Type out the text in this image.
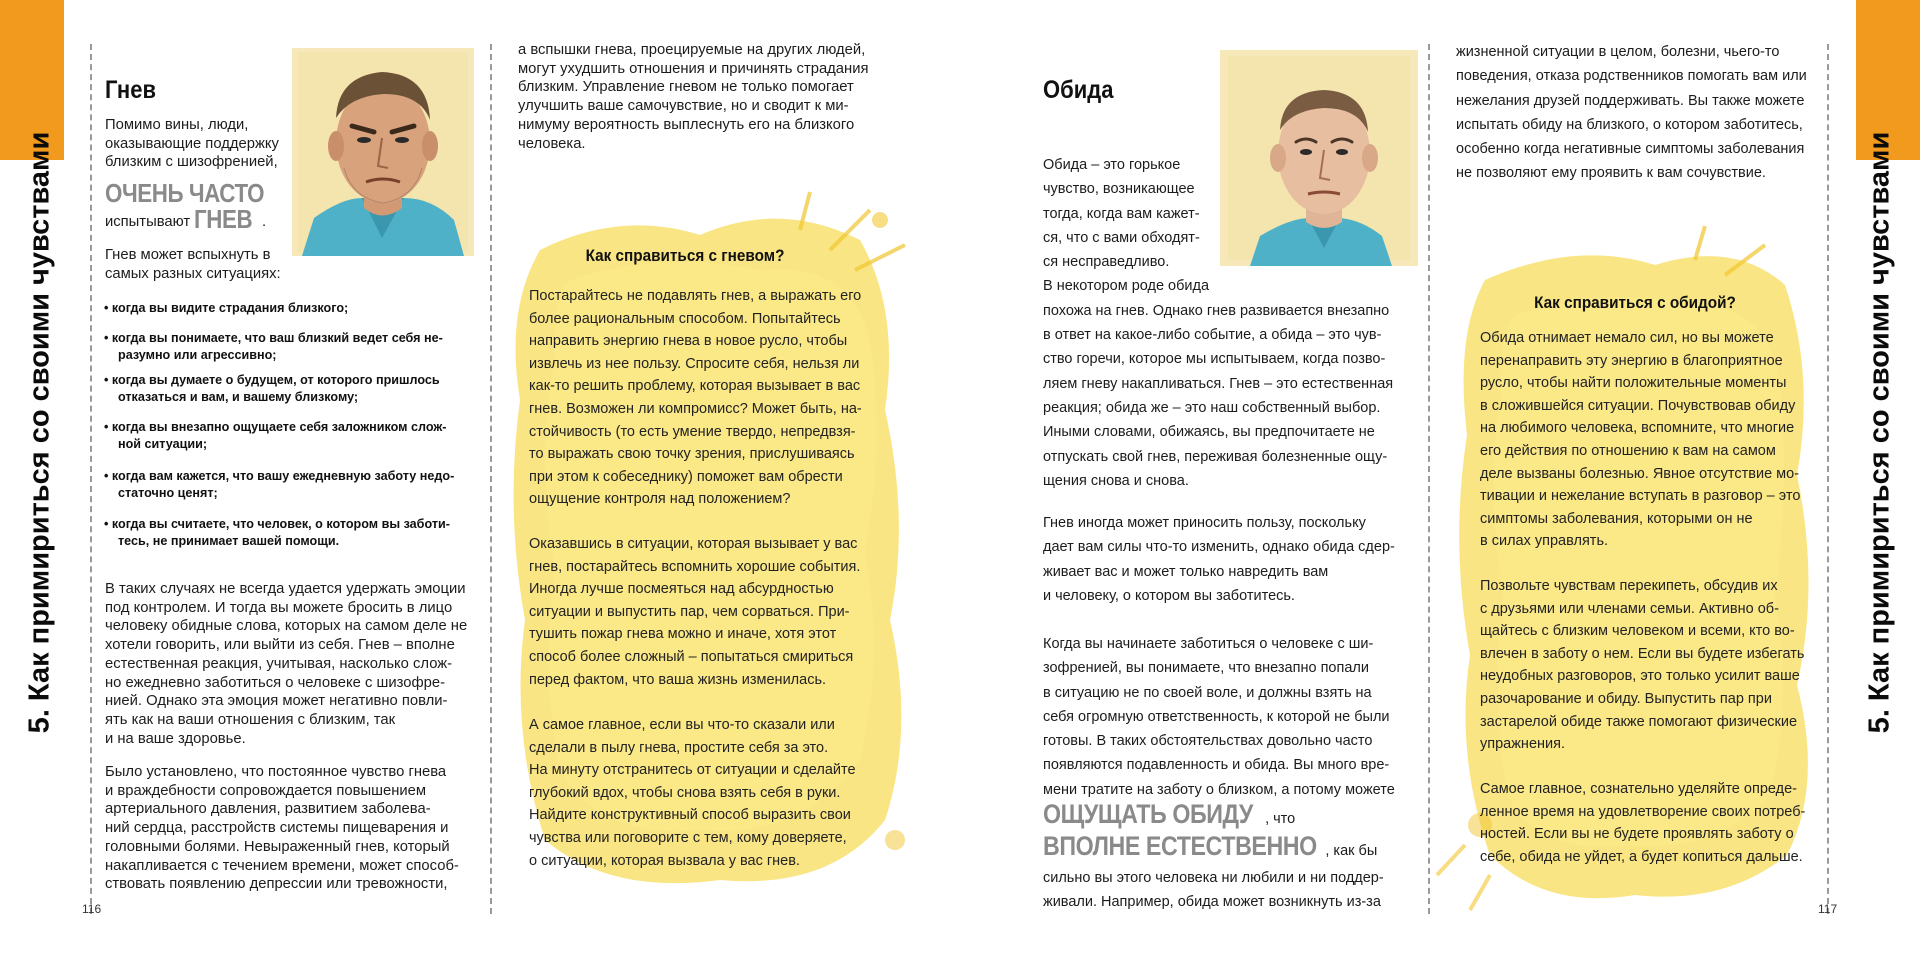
5. Как примириться со своими чувствами	5. Как примириться со своими чувствами
116	117
Гнев
Помимо вины, люди,
оказывающие поддержку
близким с шизофренией,
ОЧЕНЬ ЧАСТО
испытывают ГНЕВ .
Гнев может вспыхнуть в
самых разных ситуациях:
• когда вы видите страдания близкого;
• когда вы понимаете, что ваш близкий ведет себя не-
разумно или агрессивно;
• когда вы думаете о будущем, от которого пришлось
отказаться и вам, и вашему близкому;
• когда вы внезапно ощущаете себя заложником слож-
ной ситуации;
• когда вам кажется, что вашу ежедневную заботу недо-
статочно ценят;
• когда вы считаете, что человек, о котором вы заботи-
тесь, не принимает вашей помощи.
В таких случаях не всегда удается удержать эмоции
под контролем. И тогда вы можете бросить в лицо
человеку обидные слова, которых на самом деле не
хотели говорить, или выйти из себя. Гнев – вполне
естественная реакция, учитывая, насколько слож-
но ежедневно заботиться о человеке с шизофре-
нией. Однако эта эмоция может негативно повли-
ять как на ваши отношения с близким, так
и на ваше здоровье.
Было установлено, что постоянное чувство гнева
и враждебности сопровождается повышением
артериального давления, развитием заболева-
ний сердца, расстройств системы пищеварения и
головными болями. Невыраженный гнев, который
накапливается с течением времени, может способ-
ствовать появлению депрессии или тревожности,
а вспышки гнева, проецируемые на других людей,
могут ухудшить отношения и причинять страдания
близким. Управление гневом не только помогает
улучшить ваше самочувствие, но и сводит к ми-
нимуму вероятность выплеснуть его на близкого
человека.
Как справиться с гневом?
Постарайтесь не подавлять гнев, а выражать его
более рациональным способом. Попытайтесь
направить энергию гнева в новое русло, чтобы
извлечь из нее пользу. Спросите себя, нельзя ли
как-то решить проблему, которая вызывает в вас
гнев. Возможен ли компромисс? Может быть, на-
стойчивость (то есть умение твердо, непредвзя-
то выражать свою точку зрения, прислушиваясь
при этом к собеседнику) поможет вам обрести
ощущение контроля над положением?
Оказавшись в ситуации, которая вызывает у вас
гнев, постарайтесь вспомнить хорошие события.
Иногда лучше посмеяться над абсурдностью
ситуации и выпустить пар, чем сорваться. При-
тушить пожар гнева можно и иначе, хотя этот
способ более сложный – попытаться смириться
перед фактом, что ваша жизнь изменилась.
А самое главное, если вы что-то сказали или
сделали в пылу гнева, простите себя за это.
На минуту отстранитесь от ситуации и сделайте
глубокий вдох, чтобы снова взять себя в руки.
Найдите конструктивный способ выразить свои
чувства или поговорите с тем, кому доверяете,
о ситуации, которая вызвала у вас гнев.
Обида
Обида – это горькое
чувство, возникающее
тогда, когда вам кажет-
ся, что с вами обходят-
ся несправедливо.
В некотором роде обида
похожа на гнев. Однако гнев развивается внезапно
в ответ на какое-либо событие, а обида – это чув-
ство горечи, которое мы испытываем, когда позво-
ляем гневу накапливаться. Гнев – это естественная
реакция; обида же – это наш собственный выбор.
Иными словами, обижаясь, вы предпочитаете не
отпускать свой гнев, переживая болезненные ощу-
щения снова и снова.
Гнев иногда может приносить пользу, поскольку
дает вам силы что-то изменить, однако обида сдер-
живает вас и может только навредить вам
и человеку, о котором вы заботитесь.
Когда вы начинаете заботиться о человеке с ши-
зофренией, вы понимаете, что внезапно попали
в ситуацию не по своей воле, и должны взять на
себя огромную ответственность, к которой не были
готовы. В таких обстоятельствах довольно часто
появляются подавленность и обида. Вы много вре-
мени тратите на заботу о близком, а потому можете
ОЩУЩАТЬ ОБИДУ , что
ВПОЛНЕ ЕСТЕСТВЕННО , как бы
сильно вы этого человека ни любили и ни поддер-
живали. Например, обида может возникнуть из-за
жизненной ситуации в целом, болезни, чьего-то
поведения, отказа родственников помогать вам или
нежелания друзей поддерживать. Вы также можете
испытать обиду на близкого, о котором заботитесь,
особенно когда негативные симптомы заболевания
не позволяют ему проявить к вам сочувствие.
Как справиться с обидой?
Обида отнимает немало сил, но вы можете
перенаправить эту энергию в благоприятное
русло, чтобы найти положительные моменты
в сложившейся ситуации. Почувствовав обиду
на любимого человека, вспомните, что многие
его действия по отношению к вам на самом
деле вызваны болезнью. Явное отсутствие мо-
тивации и нежелание вступать в разговор – это
симптомы заболевания, которыми он не
в силах управлять.
Позвольте чувствам перекипеть, обсудив их
с друзьями или членами семьи. Активно об-
щайтесь с близким человеком и всеми, кто во-
влечен в заботу о нем. Если вы будете избегать
неудобных разговоров, это только усилит ваше
разочарование и обиду. Выпустить пар при
застарелой обиде также помогают физические
упражнения.
Самое главное, сознательно уделяйте опреде-
ленное время на удовлетворение своих потреб-
ностей. Если вы не будете проявлять заботу о
себе, обида не уйдет, а будет копиться дальше.
